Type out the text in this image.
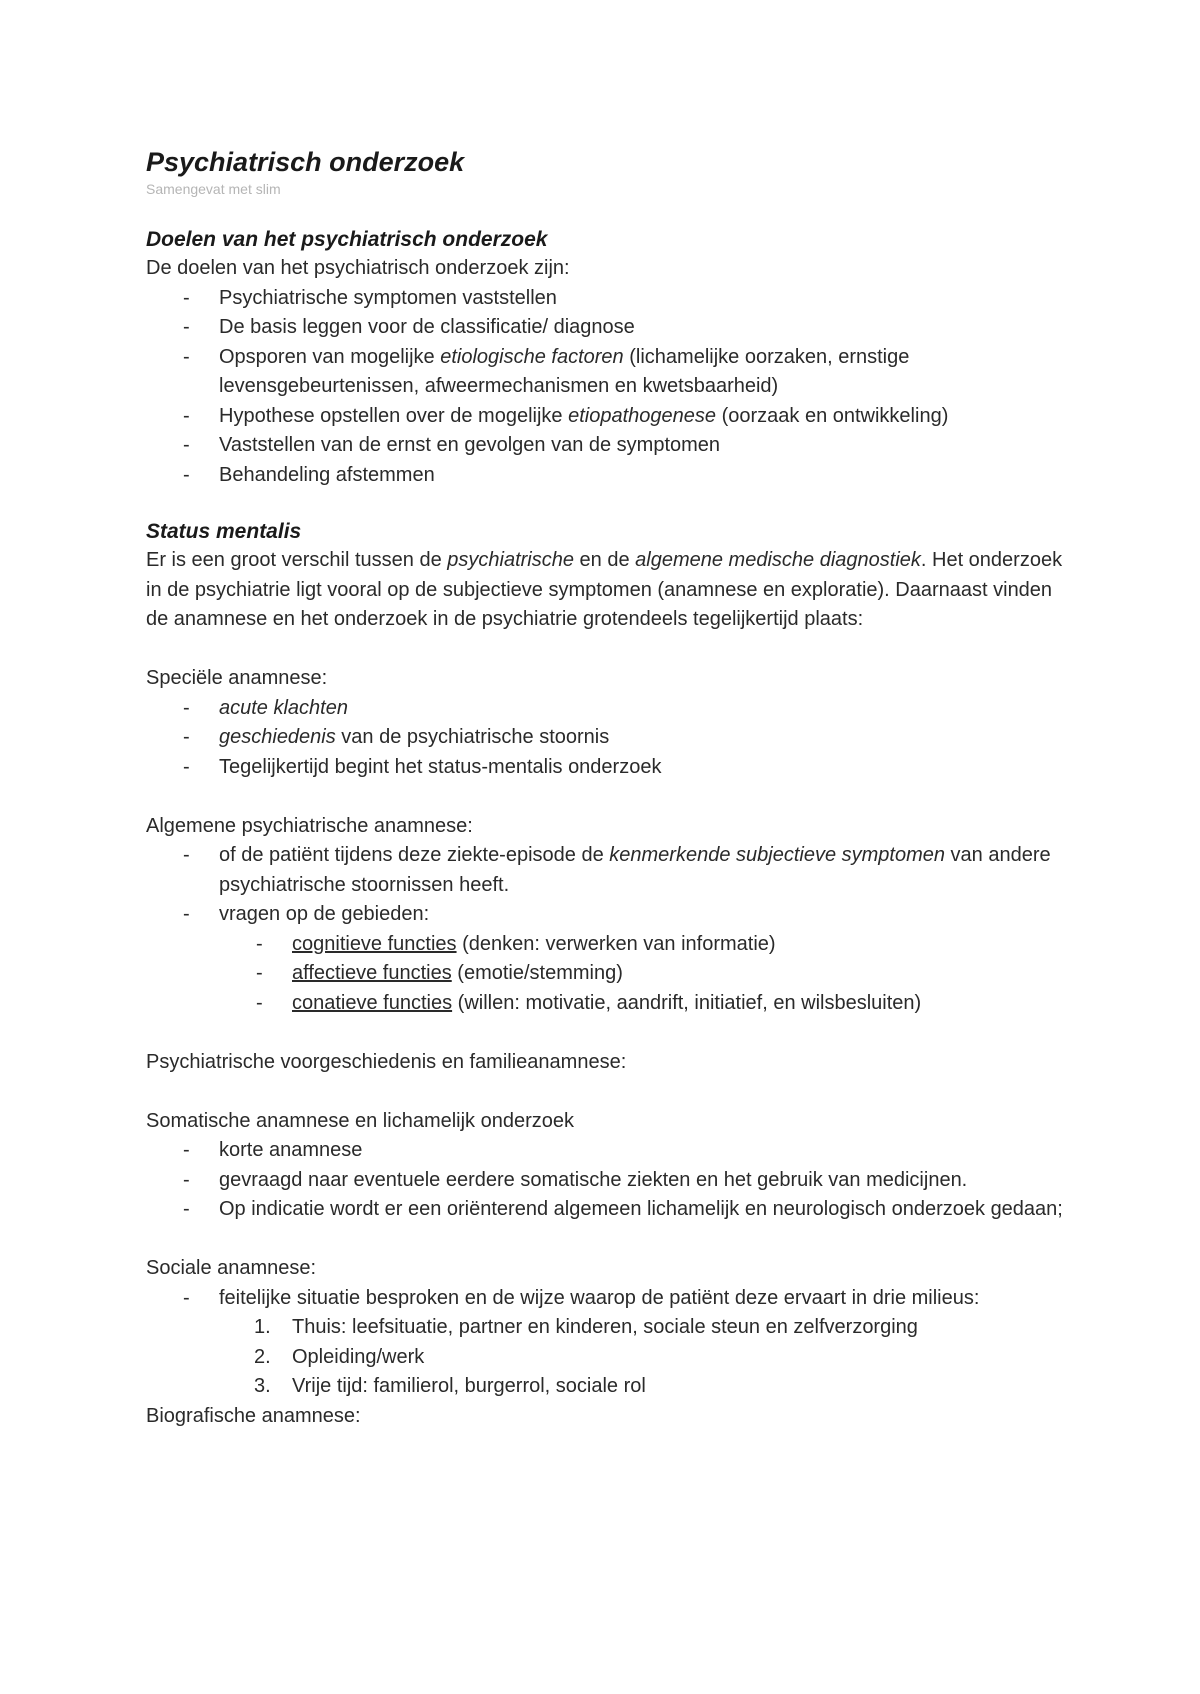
Psychiatrisch onderzoek
Samengevat met slim
Doelen van het psychiatrisch onderzoek

De doelen van het psychiatrisch onderzoek zijn:

- Psychiatrische symptomen vaststellen
- De basis leggen voor de classificatie/ diagnose
- Opsporen van mogelijke etiologische factoren (lichamelijke oorzaken, ernstige levensgebeurtenissen, afweermechanismen en kwetsbaarheid)
- Hypothese opstellen over de mogelijke etiopathogenese (oorzaak en ontwikkeling)
- Vaststellen van de ernst en gevolgen van de symptomen
- Behandeling afstemmen
Status mentalis

Er is een groot verschil tussen de psychiatrische en de algemene medische diagnostiek. Het onderzoek in de psychiatrie ligt vooral op de subjectieve symptomen (anamnese en exploratie). Daarnaast vinden de anamnese en het onderzoek in de psychiatrie grotendeels tegelijkertijd plaats:

Speciële anamnese:

- acute klachten
- geschiedenis van de psychiatrische stoornis
- Tegelijkertijd begint het status-mentalis onderzoek

Algemene psychiatrische anamnese:

- of de patiënt tijdens deze ziekte-episode de kenmerkende subjectieve symptomen van andere psychiatrische stoornissen heeft.
- vragen op de gebieden:
- cognitieve functies (denken: verwerken van informatie)
- affectieve functies (emotie/stemming)
- conatieve functies (willen: motivatie, aandrift, initiatief, en wilsbesluiten)

Psychiatrische voorgeschiedenis en familieanamnese:

Somatische anamnese en lichamelijk onderzoek

- korte anamnese
- gevraagd naar eventuele eerdere somatische ziekten en het gebruik van medicijnen.
- Op indicatie wordt er een oriënterend algemeen lichamelijk en neurologisch onderzoek gedaan;

Sociale anamnese:

- feitelijke situatie besproken en de wijze waarop de patiënt deze ervaart in drie milieus:
1. Thuis: leefsituatie, partner en kinderen, sociale steun en zelfverzorging
2. Opleiding/werk
3. Vrije tijd: familierol, burgerrol, sociale rol

Biografische anamnese:
